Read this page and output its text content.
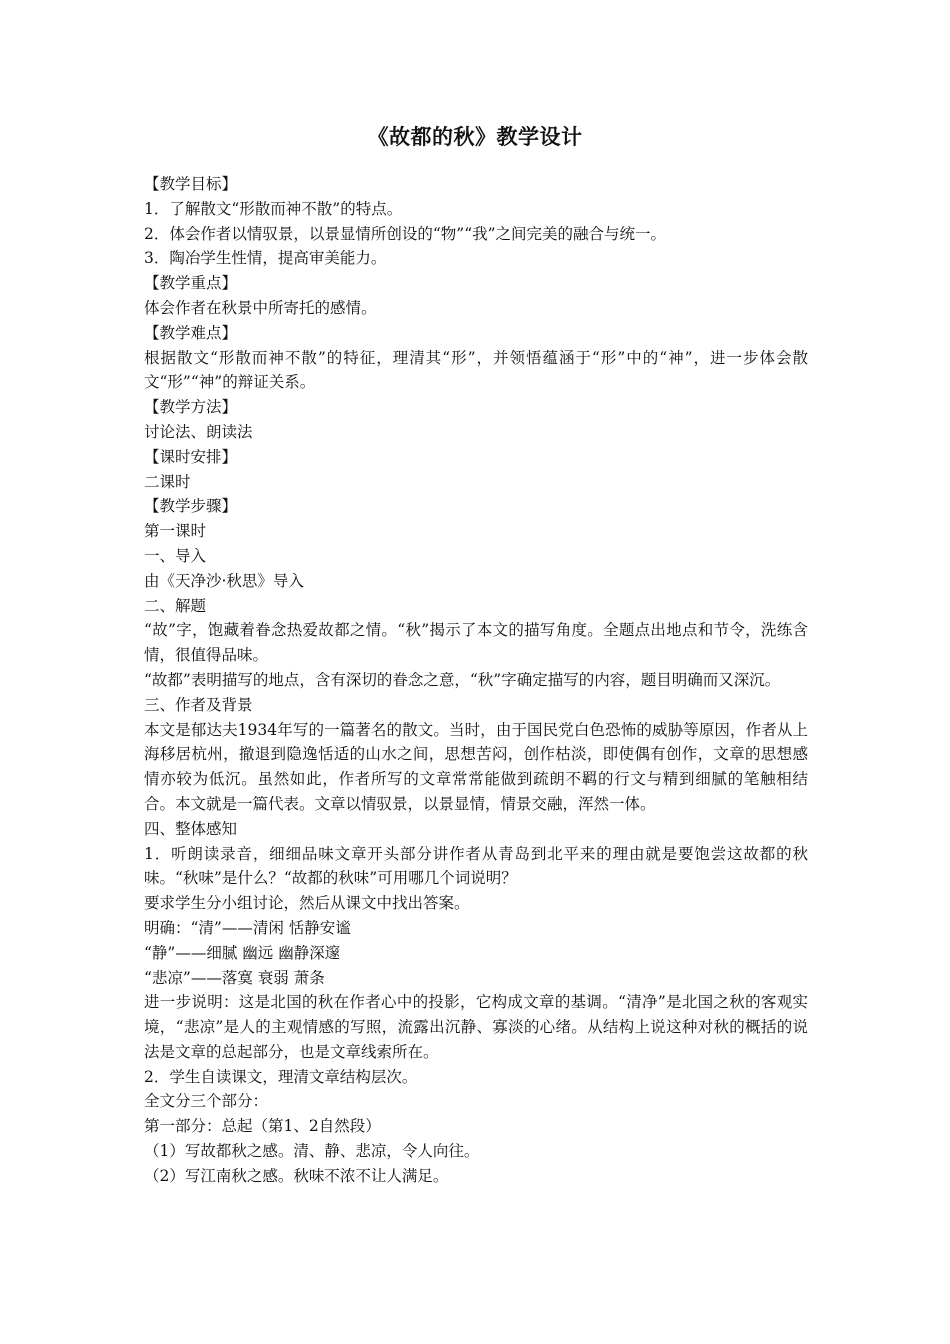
《故都的秋》教学设计

【教学目标】

1．了解散文“形散而神不散”的特点。

2．体会作者以情驭景，以景显情所创设的“物”“我”之间完美的融合与统一。

3．陶冶学生性情，提高审美能力。

【教学重点】

体会作者在秋景中所寄托的感情。

【教学难点】

根据散文“形散而神不散”的特征，理清其“形”，并领悟蕴涵于“形”中的“神”，进一步体会散文“形”“神”的辩证关系。

【教学方法】

讨论法、朗读法

【课时安排】

二课时

【教学步骤】

第一课时

一、导入

由《天净沙·秋思》导入

二、解题

“故”字，饱藏着眷念热爱故都之情。“秋”揭示了本文的描写角度。全题点出地点和节令，洗练含情，很值得品味。

“故都”表明描写的地点，含有深切的眷念之意，“秋”字确定描写的内容，题目明确而又深沉。

三、作者及背景

本文是郁达夫1934年写的一篇著名的散文。当时，由于国民党白色恐怖的威胁等原因，作者从上海移居杭州，撤退到隐逸恬适的山水之间，思想苦闷，创作枯淡，即使偶有创作，文章的思想感情亦较为低沉。虽然如此，作者所写的文章常常能做到疏朗不羁的行文与精到细腻的笔触相结合。本文就是一篇代表。文章以情驭景，以景显情，情景交融，浑然一体。

四、整体感知

1．听朗读录音，细细品味文章开头部分讲作者从青岛到北平来的理由就是要饱尝这故都的秋味。“秋味”是什么？“故都的秋味”可用哪几个词说明？

要求学生分小组讨论，然后从课文中找出答案。

明确：“清”——清闲 恬静安谧

“静”——细腻 幽远 幽静深邃

“悲凉”——落寞 衰弱 萧条

进一步说明：这是北国的秋在作者心中的投影，它构成文章的基调。“清净”是北国之秋的客观实境，“悲凉”是人的主观情感的写照，流露出沉静、寡淡的心绪。从结构上说这种对秋的概括的说法是文章的总起部分，也是文章线索所在。

2．学生自读课文，理清文章结构层次。

全文分三个部分：

第一部分：总起（第1、2自然段）

（1）写故都秋之感。清、静、悲凉，令人向往。

（2）写江南秋之感。秋味不浓不让人满足。
